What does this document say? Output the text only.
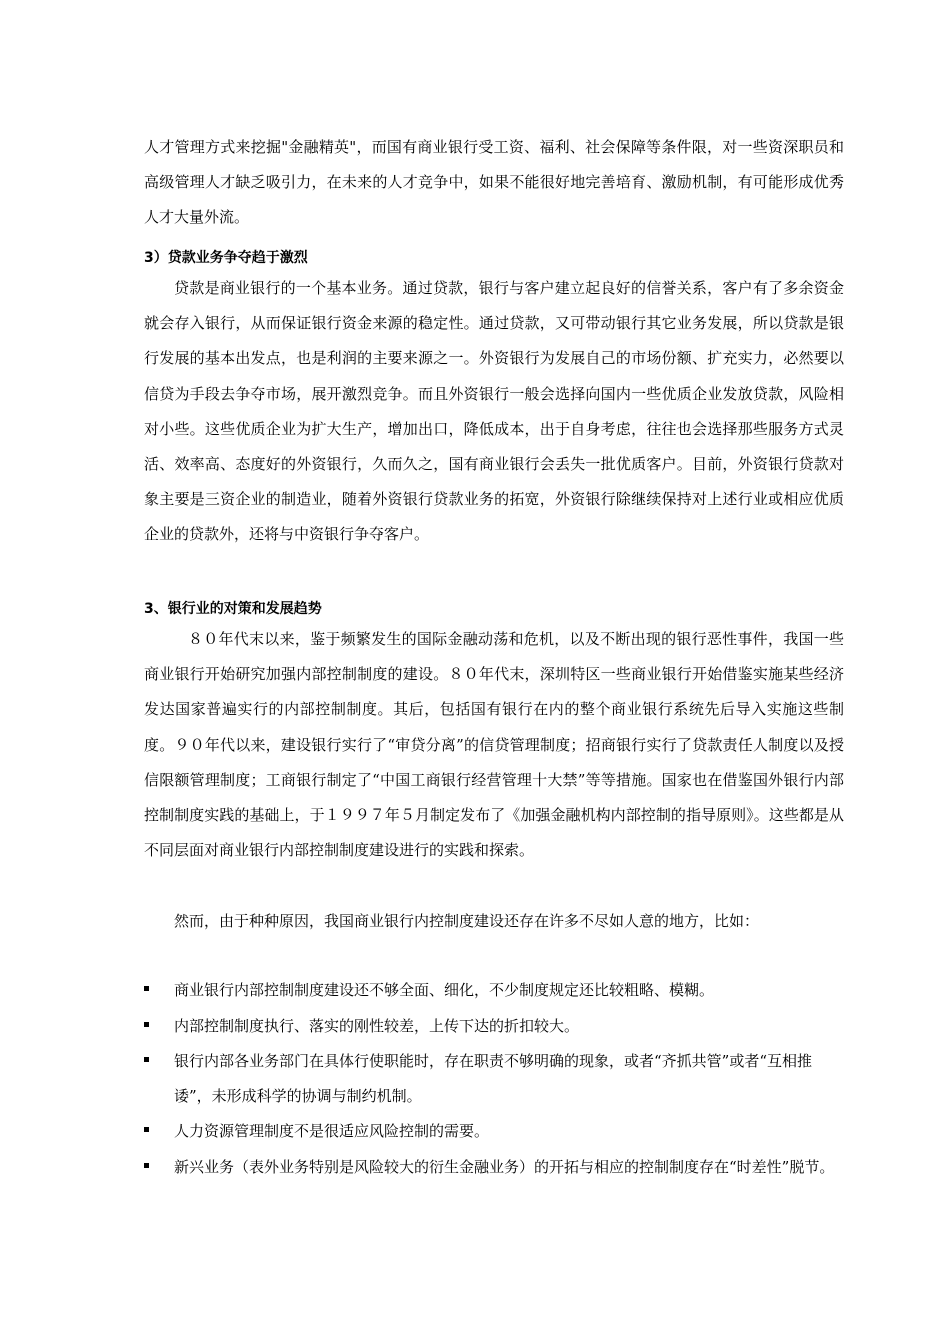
人才管理方式来挖掘"金融精英"，而国有商业银行受工资、福利、社会保障等条件限，对一些资深职员和高级管理人才缺乏吸引力，在未来的人才竞争中，如果不能很好地完善培育、激励机制，有可能形成优秀人才大量外流。

3）贷款业务争夺趋于激烈

贷款是商业银行的一个基本业务。通过贷款，银行与客户建立起良好的信誉关系，客户有了多余资金就会存入银行，从而保证银行资金来源的稳定性。通过贷款，又可带动银行其它业务发展，所以贷款是银行发展的基本出发点，也是利润的主要来源之一。外资银行为发展自己的市场份额、扩充实力，必然要以信贷为手段去争夺市场，展开激烈竞争。而且外资银行一般会选择向国内一些优质企业发放贷款，风险相对小些。这些优质企业为扩大生产，增加出口，降低成本，出于自身考虑，往往也会选择那些服务方式灵活、效率高、态度好的外资银行，久而久之，国有商业银行会丢失一批优质客户。目前，外资银行贷款对象主要是三资企业的制造业，随着外资银行贷款业务的拓宽，外资银行除继续保持对上述行业或相应优质企业的贷款外，还将与中资银行争夺客户。

3、银行业的对策和发展趋势

８０年代末以来，鉴于频繁发生的国际金融动荡和危机，以及不断出现的银行恶性事件，我国一些商业银行开始研究加强内部控制制度的建设。８０年代末，深圳特区一些商业银行开始借鉴实施某些经济发达国家普遍实行的内部控制制度。其后，包括国有银行在内的整个商业银行系统先后导入实施这些制度。９０年代以来，建设银行实行了“审贷分离”的信贷管理制度；招商银行实行了贷款责任人制度以及授信限额管理制度；工商银行制定了“中国工商银行经营管理十大禁”等等措施。国家也在借鉴国外银行内部控制制度实践的基础上，于１９９７年５月制定发布了《加强金融机构内部控制的指导原则》。这些都是从不同层面对商业银行内部控制制度建设进行的实践和探索。

然而，由于种种原因，我国商业银行内控制度建设还存在许多不尽如人意的地方，比如：

商业银行内部控制制度建设还不够全面、细化，不少制度规定还比较粗略、模糊。

内部控制制度执行、落实的刚性较差，上传下达的折扣较大。

银行内部各业务部门在具体行使职能时，存在职责不够明确的现象，或者“齐抓共管”或者“互相推诿”，未形成科学的协调与制约机制。

人力资源管理制度不是很适应风险控制的需要。

新兴业务（表外业务特别是风险较大的衍生金融业务）的开拓与相应的控制制度存在“时差性”脱节。
